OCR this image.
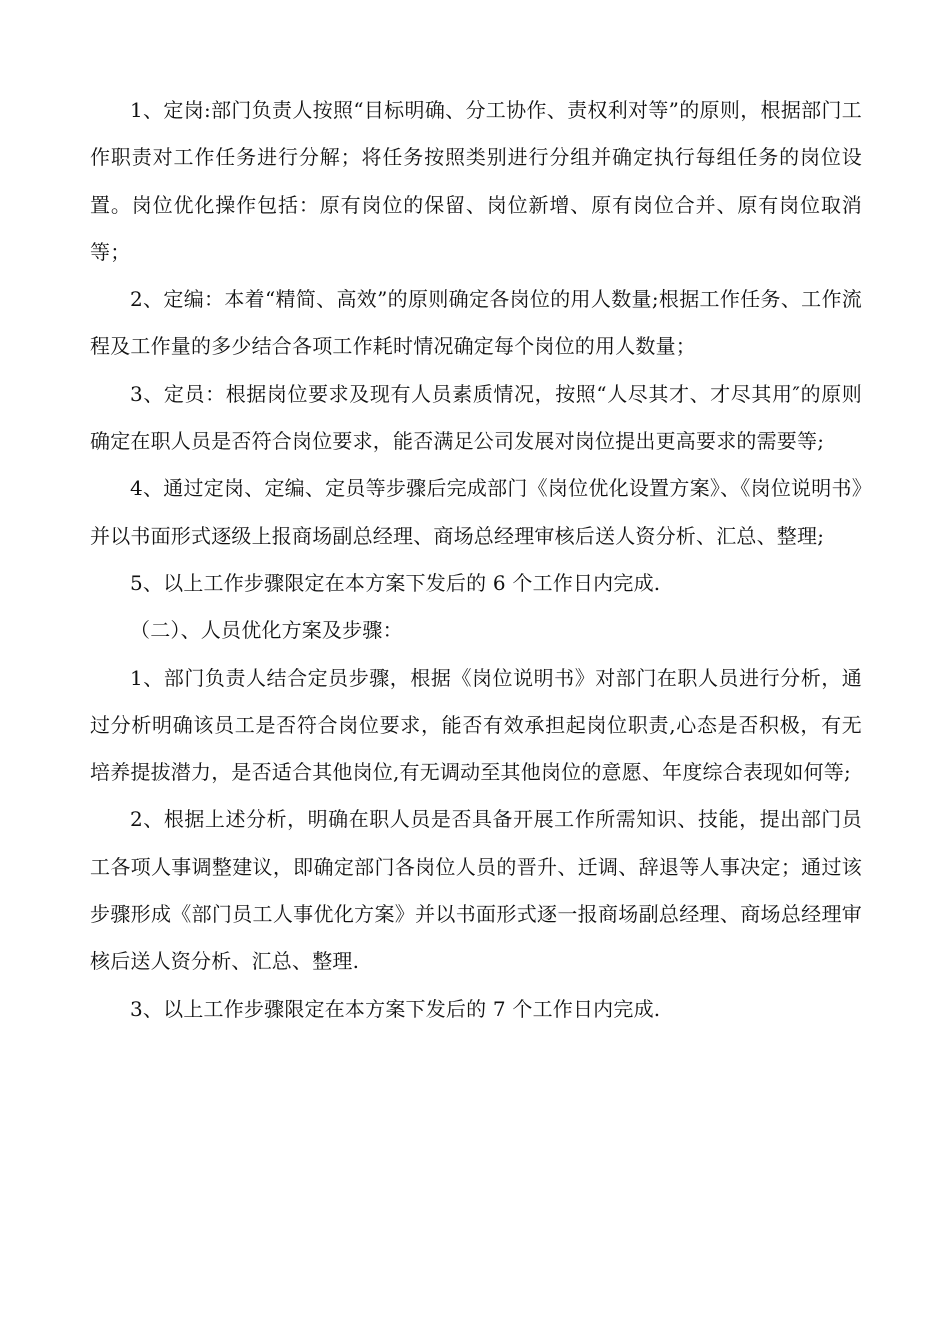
1、定岗:部门负责人按照“目标明确、分工协作、责权利对等”的原则，根据部门工作职责对工作任务进行分解；将任务按照类别进行分组并确定执行每组任务的岗位设置。岗位优化操作包括：原有岗位的保留、岗位新增、原有岗位合并、原有岗位取消等；

2、定编：本着“精简、高效”的原则确定各岗位的用人数量;根据工作任务、工作流程及工作量的多少结合各项工作耗时情况确定每个岗位的用人数量；

3、定员：根据岗位要求及现有人员素质情况，按照“人尽其才、才尽其用″的原则确定在职人员是否符合岗位要求，能否满足公司发展对岗位提出更高要求的需要等;

4、通过定岗、定编、定员等步骤后完成部门《岗位优化设置方案》、《岗位说明书》并以书面形式逐级上报商场副总经理、商场总经理审核后送人资分析、汇总、整理;

5、以上工作步骤限定在本方案下发后的 6 个工作日内完成.

（二）、人员优化方案及步骤：

1、部门负责人结合定员步骤，根据《岗位说明书》对部门在职人员进行分析，通过分析明确该员工是否符合岗位要求，能否有效承担起岗位职责,心态是否积极，有无培养提拔潜力，是否适合其他岗位,有无调动至其他岗位的意愿、年度综合表现如何等;

2、根据上述分析，明确在职人员是否具备开展工作所需知识、技能，提出部门员工各项人事调整建议，即确定部门各岗位人员的晋升、迁调、辞退等人事决定；通过该步骤形成《部门员工人事优化方案》并以书面形式逐一报商场副总经理、商场总经理审核后送人资分析、汇总、整理.

3、以上工作步骤限定在本方案下发后的 7 个工作日内完成.
